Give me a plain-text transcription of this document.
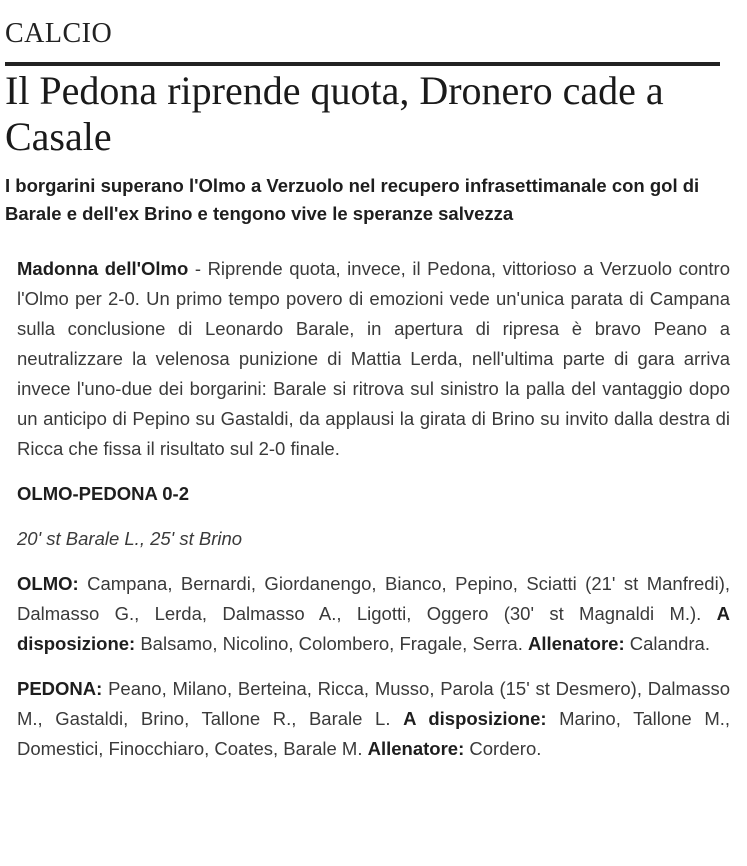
CALCIO
Il Pedona riprende quota, Dronero cade a Casale
I borgarini superano l'Olmo a Verzuolo nel recupero infrasettimanale con gol di Barale e dell'ex Brino e tengono vive le speranze salvezza

Madonna dell'Olmo - Riprende quota, invece, il Pedona, vittorioso a Verzuolo contro l'Olmo per 2-0. Un primo tempo povero di emozioni vede un'unica parata di Campana sulla conclusione di Leonardo Barale, in apertura di ripresa è bravo Peano a neutralizzare la velenosa punizione di Mattia Lerda, nell'ultima parte di gara arriva invece l'uno-due dei borgarini: Barale si ritrova sul sinistro la palla del vantaggio dopo un anticipo di Pepino su Gastaldi, da applausi la girata di Brino su invito dalla destra di Ricca che fissa il risultato sul 2-0 finale.

OLMO-PEDONA 0-2

20' st Barale L., 25' st Brino

OLMO: Campana, Bernardi, Giordanengo, Bianco, Pepino, Sciatti (21' st Manfredi), Dalmasso G., Lerda, Dalmasso A., Ligotti, Oggero (30' st Magnaldi M.). A disposizione: Balsamo, Nicolino, Colombero, Fragale, Serra. Allenatore: Calandra.

PEDONA: Peano, Milano, Berteina, Ricca, Musso, Parola (15' st Desmero), Dalmasso M., Gastaldi, Brino, Tallone R., Barale L. A disposizione: Marino, Tallone M., Domestici, Finocchiaro, Coates, Barale M. Allenatore: Cordero.
